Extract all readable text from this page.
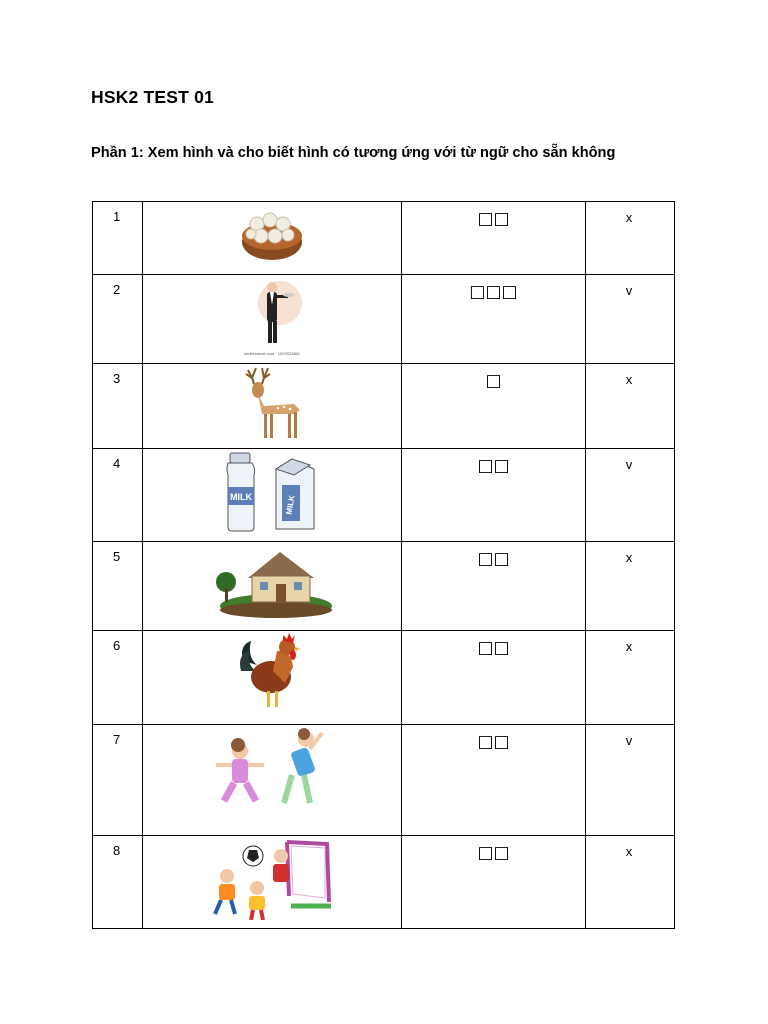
HSK2 TEST 01
Phần 1: Xem hình và cho biết hình có tương ứng với từ ngữ cho sẵn không
1		□□	x
2	shutterstock.com · 1007823861	□□□	v
3		□	x
4	MILK MILK	□□	v
5		□□	x
6		□□	x
7		□□	v
8		□□	x
